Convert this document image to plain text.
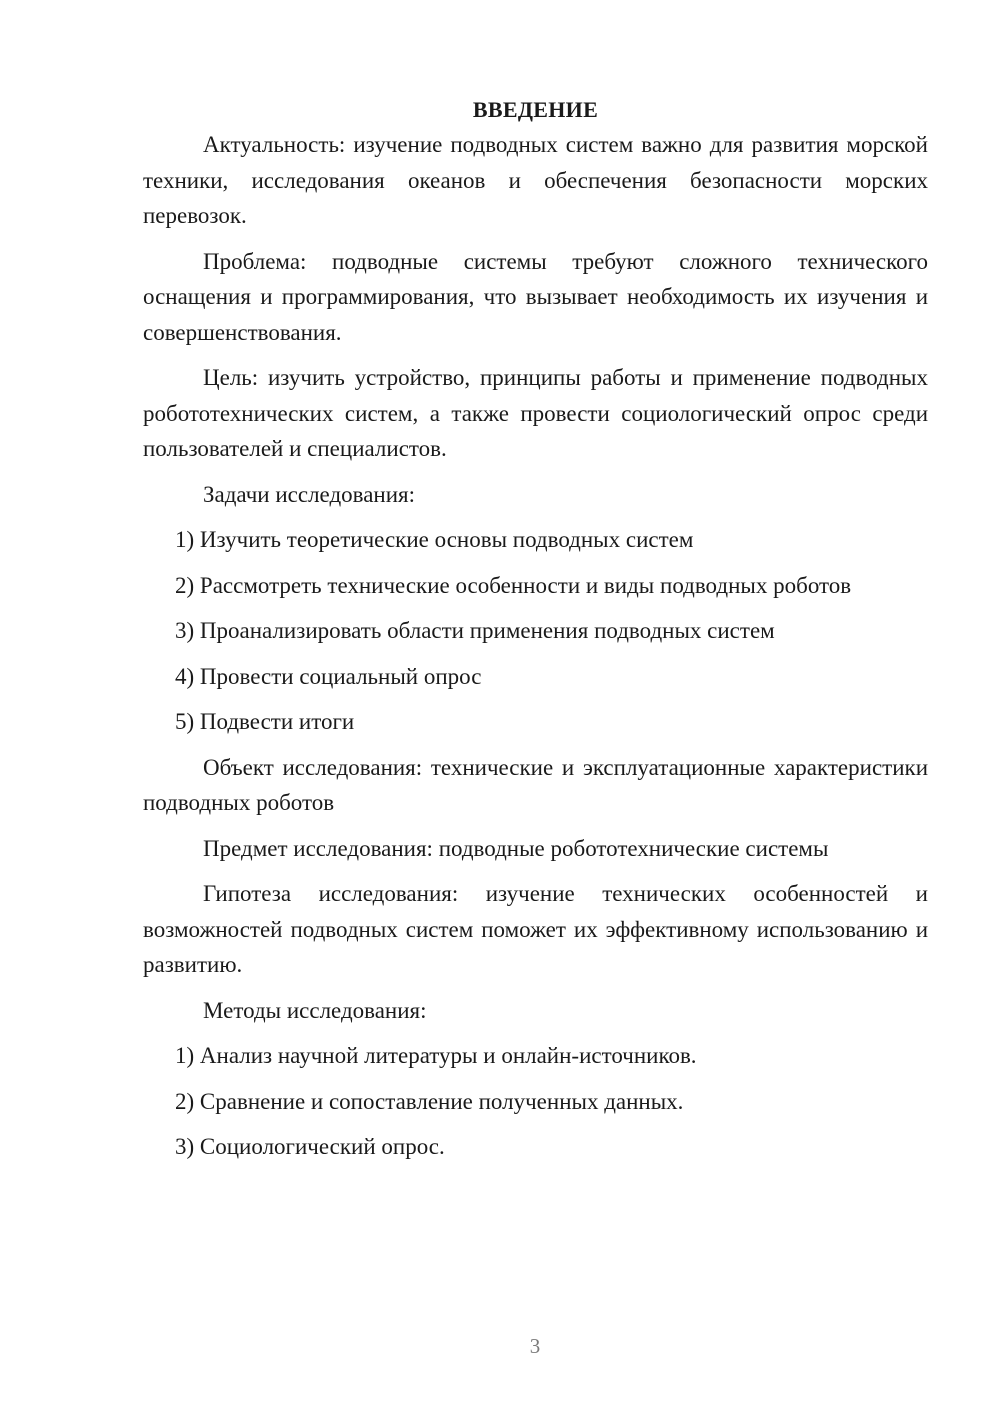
ВВЕДЕНИЕ

Актуальность: изучение подводных систем важно для развития морской техники, исследования океанов и обеспечения безопасности морских перевозок.

Проблема: подводные системы требуют сложного технического оснащения и программирования, что вызывает необходимость их изучения и совершенствования.

Цель: изучить устройство, принципы работы и применение подводных робототехнических систем, а также провести социологический опрос среди пользователей и специалистов.

Задачи исследования:

1) Изучить теоретические основы подводных систем
2) Рассмотреть технические особенности и виды подводных роботов
3) Проанализировать области применения подводных систем
4) Провести социальный опрос
5) Подвести итоги

Объект исследования: технические и эксплуатационные характеристики подводных роботов

Предмет исследования: подводные робототехнические системы

Гипотеза исследования: изучение технических особенностей и возможностей подводных систем поможет их эффективному использованию и развитию.

Методы исследования:

1) Анализ научной литературы и онлайн-источников.
2) Сравнение и сопоставление полученных данных.
3) Социологический опрос.
3
